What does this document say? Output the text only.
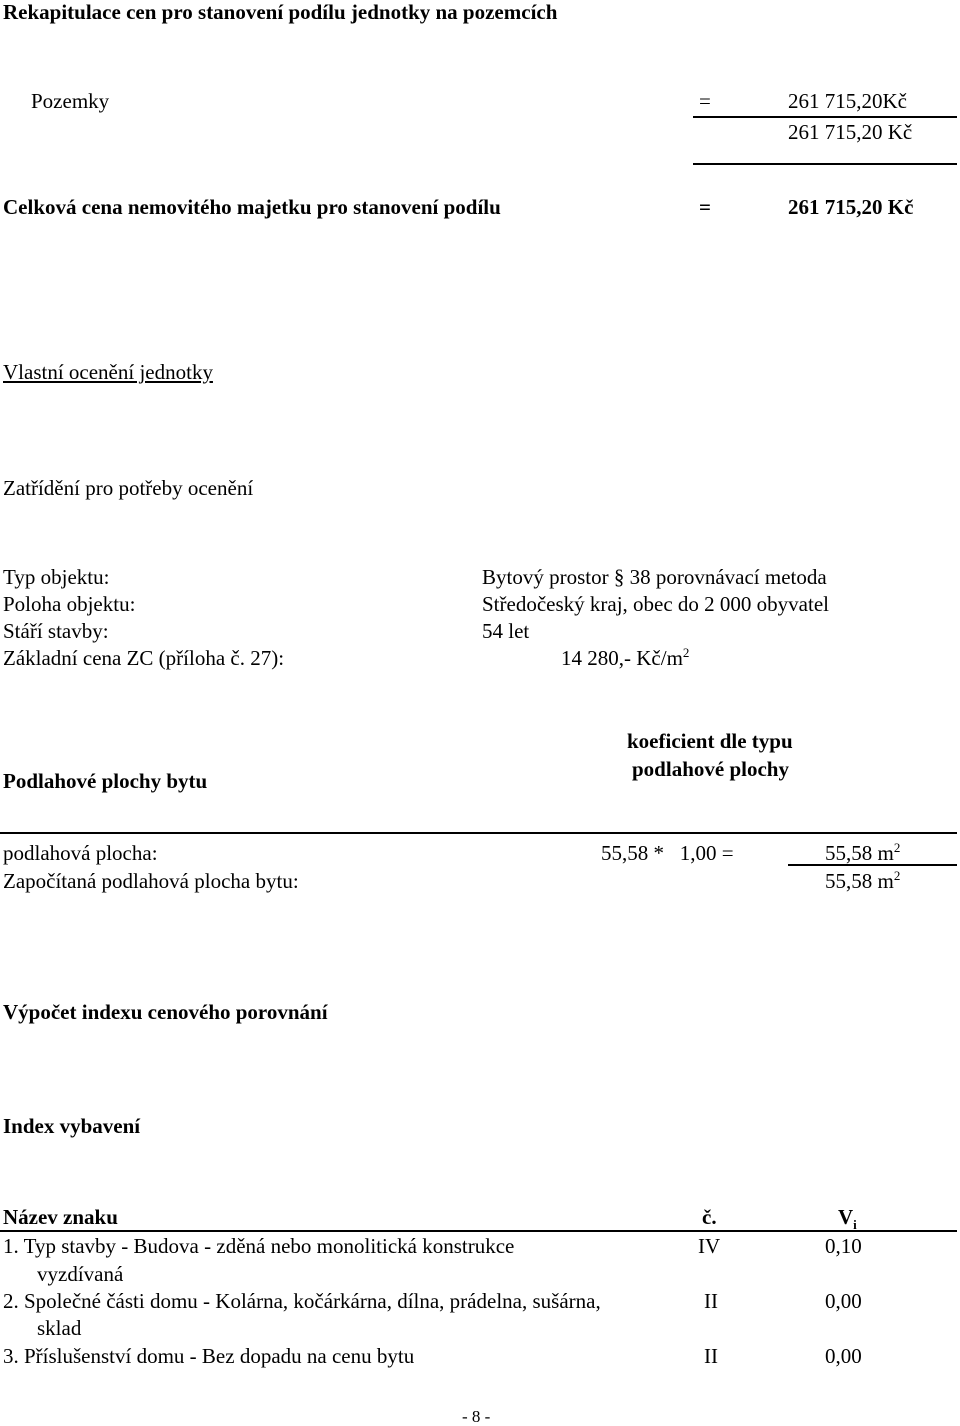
Rekapitulace cen pro stanovení podílu jednotky na pozemcích
Pozemky	=	261 715,20Kč
261 715,20 Kč
Celková cena nemovitého majetku pro stanovení podílu	=	261 715,20 Kč
Vlastní ocenění jednotky
Zatřídění pro potřeby ocenění
Typ objektu:	Bytový prostor § 38 porovnávací metoda
Poloha objektu:	Středočeský kraj, obec do 2 000 obyvatel
Stáří stavby:	54 let
Základní cena ZC (příloha č. 27):	14 280,- $Kč/m^2$
Podlahové plochy bytu
koeficient dle typu
podlahové plochy
podlahová plocha:	55,58 *   1,00 =	55,58 $m^2$
Započítaná podlahová plocha bytu:	55,58 $m^2$
Výpočet indexu cenového porovnání
Index vybavení
Název znaku	č.	$V_i$
1. Typ stavby - Budova - zděná nebo monolitická konstrukce
vyzdívaná
IV	0,10
2. Společné části domu - Kolárna, kočárkárna, dílna, prádelna, sušárna,
sklad
II	0,00
3. Příslušenství domu - Bez dopadu na cenu bytu	II	0,00
- 8 -
